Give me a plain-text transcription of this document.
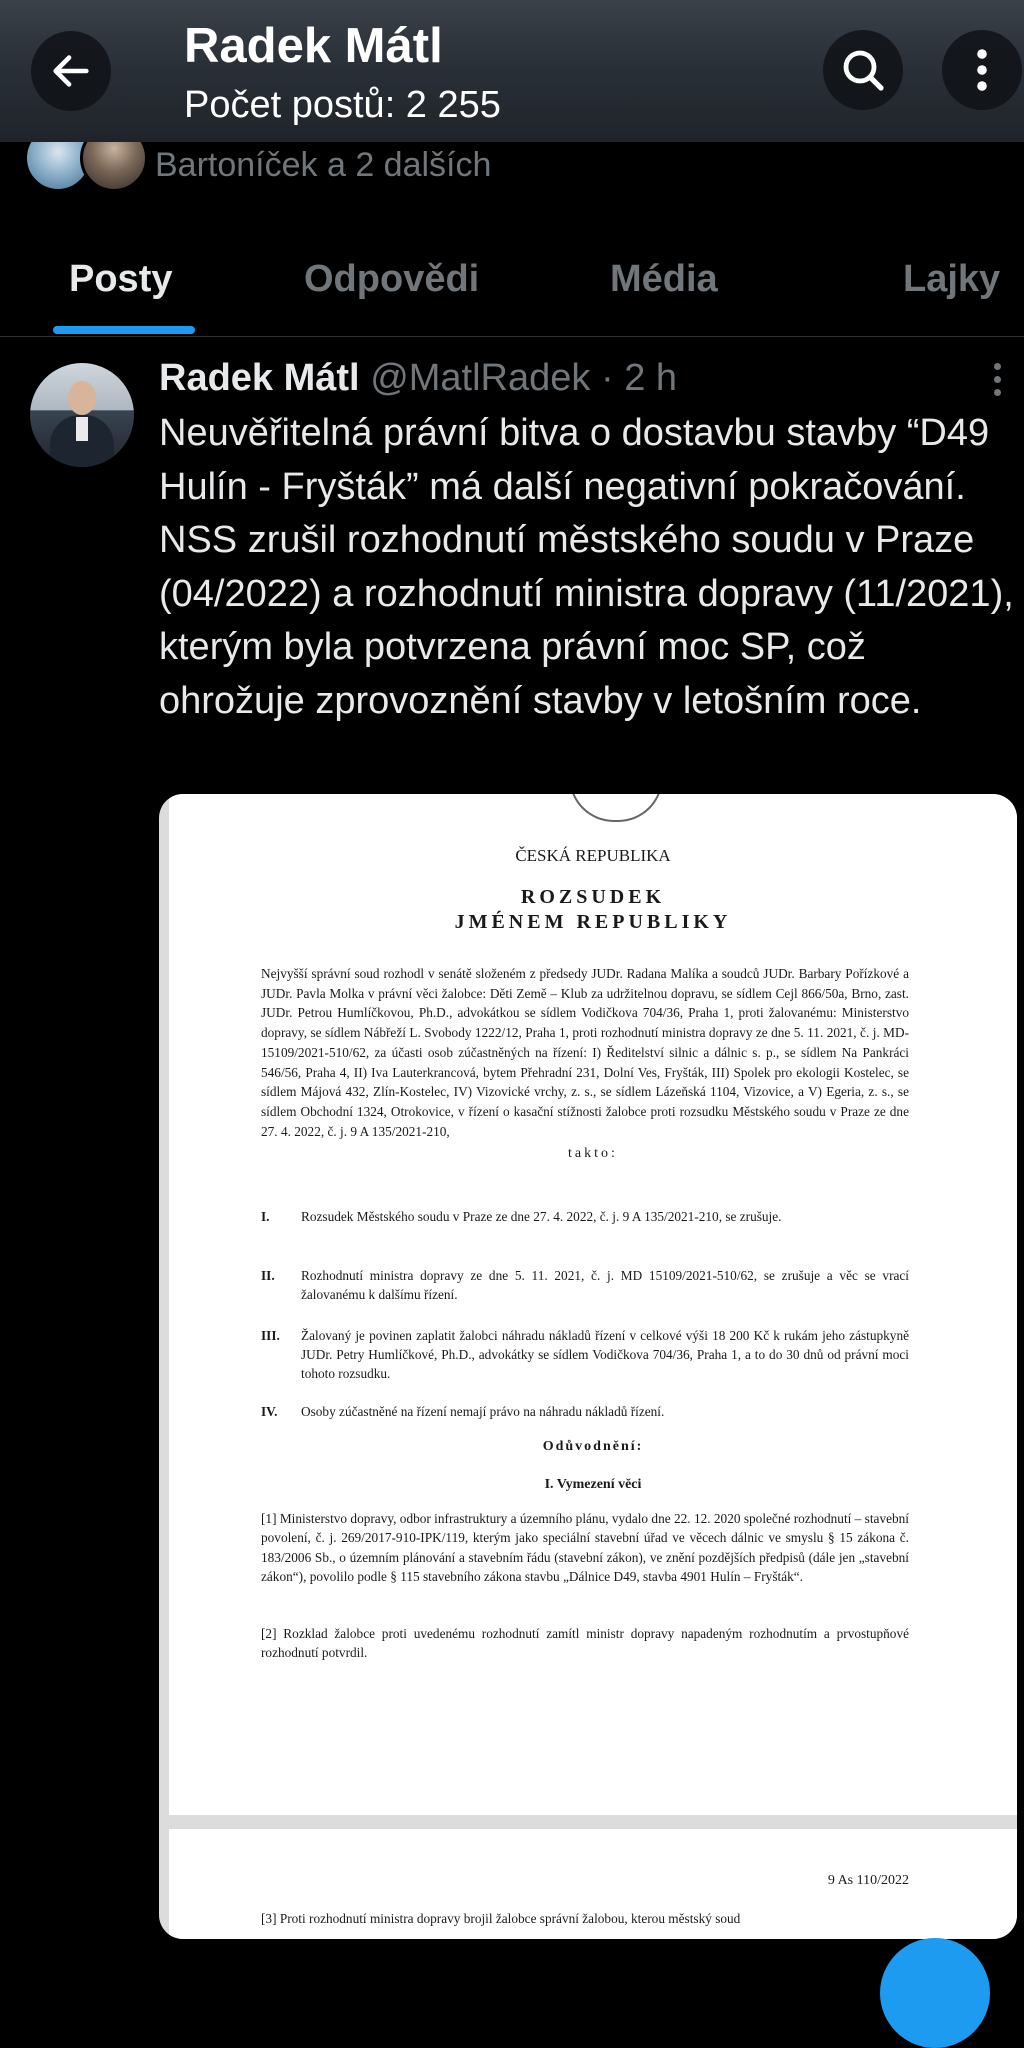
Radek Mátl
Počet postů: 2 255
Bartoníček a 2 dalších
Posty	Odpovědi	Média	Lajky
Radek Mátl @MatlRadek · 2 h
Neuvěřitelná právní bitva o dostavbu stavby “D49 Hulín - Fryšták” má další negativní pokračování. NSS zrušil rozhodnutí městského soudu v Praze (04/2022) a rozhodnutí ministra dopravy (11/2021), kterým byla potvrzena právní moc SP, což ohrožuje zprovoznění stavby v letošním roce.
ČESKÁ REPUBLIKA
ROZSUDEK
JMÉNEM REPUBLIKY
Nejvyšší správní soud rozhodl v senátě složeném z předsedy JUDr. Radana Malíka a soudců JUDr. Barbary Pořízkové a JUDr. Pavla Molka v právní věci žalobce: Děti Země – Klub za udržitelnou dopravu, se sídlem Cejl 866/50a, Brno, zast. JUDr. Petrou Humlíčkovou, Ph.D., advokátkou se sídlem Vodičkova 704/36, Praha 1, proti žalovanému: Ministerstvo dopravy, se sídlem Nábřeží L. Svobody 1222/12, Praha 1, proti rozhodnutí ministra dopravy ze dne 5. 11. 2021, č. j. MD-15109/2021-510/62, za účasti osob zúčastněných na řízení: I) Ředitelství silnic a dálnic s. p., se sídlem Na Pankráci 546/56, Praha 4, II) Iva Lauterkrancová, bytem Přehradní 231, Dolní Ves, Fryšták, III) Spolek pro ekologii Kostelec, se sídlem Májová 432, Zlín-Kostelec, IV) Vizovické vrchy, z. s., se sídlem Lázeňská 1104, Vizovice, a V) Egeria, z. s., se sídlem Obchodní 1324, Otrokovice, v řízení o kasační stížnosti žalobce proti rozsudku Městského soudu v Praze ze dne 27. 4. 2022, č. j. 9 A 135/2021-210,
takto:
I. Rozsudek Městského soudu v Praze ze dne 27. 4. 2022, č. j. 9 A 135/2021-210, se zrušuje.
II. Rozhodnutí ministra dopravy ze dne 5. 11. 2021, č. j. MD 15109/2021-510/62, se zrušuje a věc se vrací žalovanému k dalšímu řízení.
III. Žalovaný je povinen zaplatit žalobci náhradu nákladů řízení v celkové výši 18 200 Kč k rukám jeho zástupkyně JUDr. Petry Humlíčkové, Ph.D., advokátky se sídlem Vodičkova 704/36, Praha 1, a to do 30 dnů od právní moci tohoto rozsudku.
IV. Osoby zúčastněné na řízení nemají právo na náhradu nákladů řízení.
Odůvodnění:
I. Vymezení věci
[1] Ministerstvo dopravy, odbor infrastruktury a územního plánu, vydalo dne 22. 12. 2020 společné rozhodnutí – stavební povolení, č. j. 269/2017-910-IPK/119, kterým jako speciální stavební úřad ve věcech dálnic ve smyslu § 15 zákona č. 183/2006 Sb., o územním plánování a stavebním řádu (stavební zákon), ve znění pozdějších předpisů (dále jen „stavební zákon“), povolilo podle § 115 stavebního zákona stavbu „Dálnice D49, stavba 4901 Hulín – Fryšták“.
[2] Rozklad žalobce proti uvedenému rozhodnutí zamítl ministr dopravy napadeným rozhodnutím a prvostupňové rozhodnutí potvrdil.
9 As 110/2022
[3] Proti rozhodnutí ministra dopravy brojil žalobce správní žalobou, kterou městský soud
